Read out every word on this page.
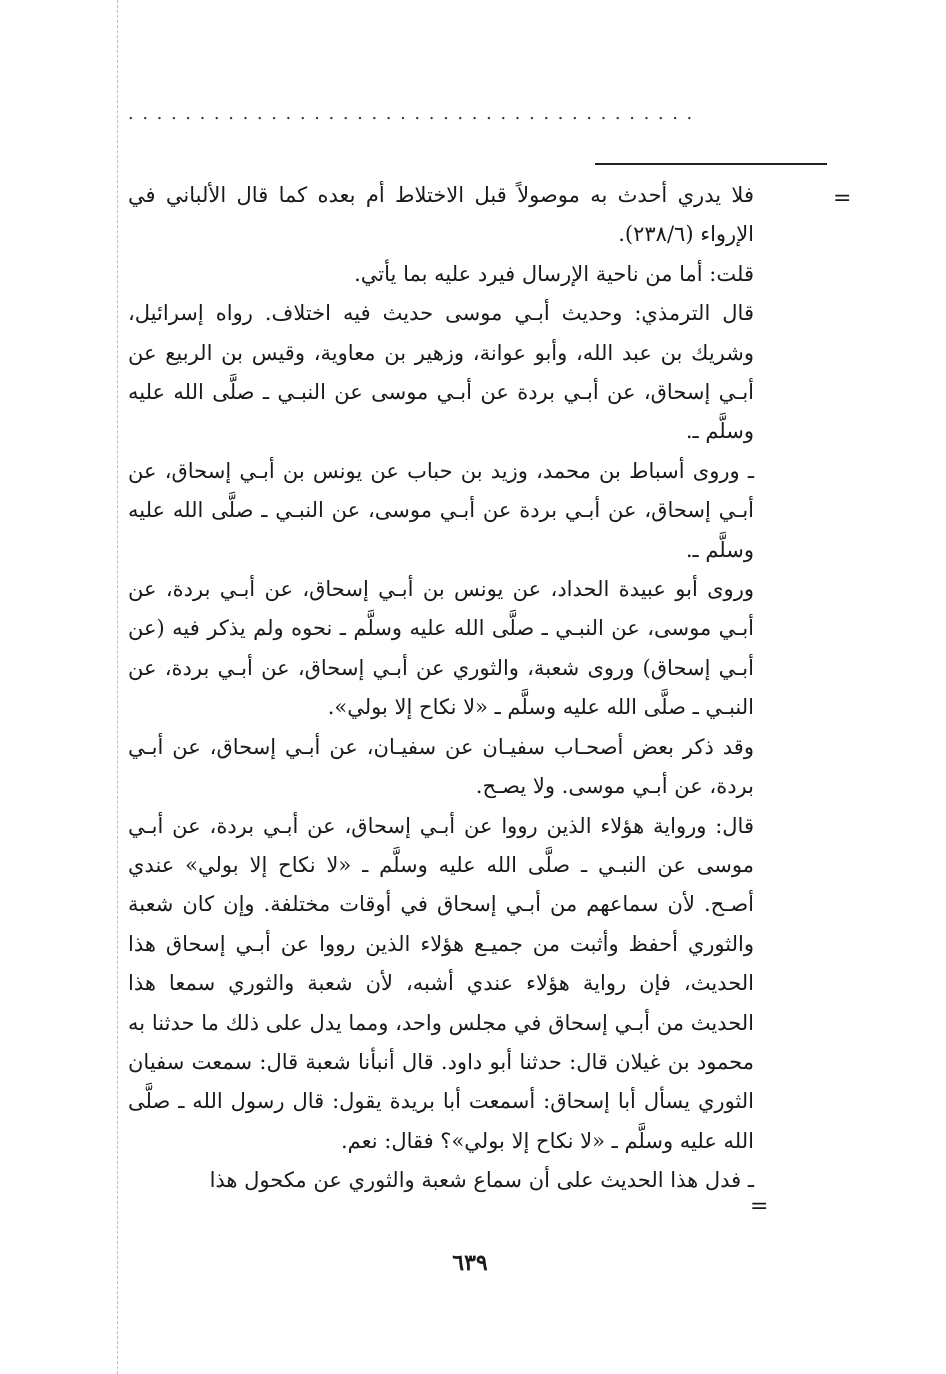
........................................
=

فلا يدري أحدث به موصولاً قبل الاختلاط أم بعده كما قال الألباني في الإرواء (٢٣٨/٦).

قلت: أما من ناحية الإرسال فيرد عليه بما يأتي.

قال الترمذي: وحديث أبـي موسى حديث فيه اختلاف. رواه إسرائيل، وشريك بن عبد الله، وأبو عوانة، وزهير بن معاوية، وقيس بن الربيع عن أبـي إسحاق، عن أبـي بردة عن أبـي موسى عن النبـي ـ صلَّى الله عليه وسلَّم ـ.

ـ وروى أسباط بن محمد، وزيد بن حباب عن يونس بن أبـي إسحاق، عن أبـي إسحاق، عن أبـي بردة عن أبـي موسى، عن النبـي ـ صلَّى الله عليه وسلَّم ـ.

وروى أبو عبيدة الحداد، عن يونس بن أبـي إسحاق، عن أبـي بردة، عن أبـي موسى، عن النبـي ـ صلَّى الله عليه وسلَّم ـ نحوه ولم يذكر فيه (عن أبـي إسحاق) وروى شعبة، والثوري عن أبـي إسحاق، عن أبـي بردة، عن النبـي ـ صلَّى الله عليه وسلَّم ـ «لا نكاح إلا بولي».

وقد ذكر بعض أصحـاب سفيـان عن سفيـان، عن أبـي إسحاق، عن أبـي بردة، عن أبـي موسى. ولا يصـح.

قال: ورواية هؤلاء الذين رووا عن أبـي إسحاق، عن أبـي بردة، عن أبـي موسى عن النبـي ـ صلَّى الله عليه وسلَّم ـ «لا نكاح إلا بولي» عندي أصـح. لأن سماعهم من أبـي إسحاق في أوقات مختلفة. وإن كان شعبة والثوري أحفظ وأثبت من جميـع هؤلاء الذين رووا عن أبـي إسحاق هذا الحديث، فإن رواية هؤلاء عندي أشبه، لأن شعبة والثوري سمعا هذا الحديث من أبـي إسحاق في مجلس واحد، ومما يدل على ذلك ما حدثنا به محمود بن غيلان قال: حدثنا أبو داود. قال أنبأنا شعبة قال: سمعت سفيان الثوري يسأل أبا إسحاق: أسمعت أبا بريدة يقول: قال رسول الله ـ صلَّى الله عليه وسلَّم ـ «لا نكاح إلا بولي»؟ فقال: نعم.

ـ فدل هذا الحديث على أن سماع شعبة والثوري عن مكحول هذا

=
٦٣٩
